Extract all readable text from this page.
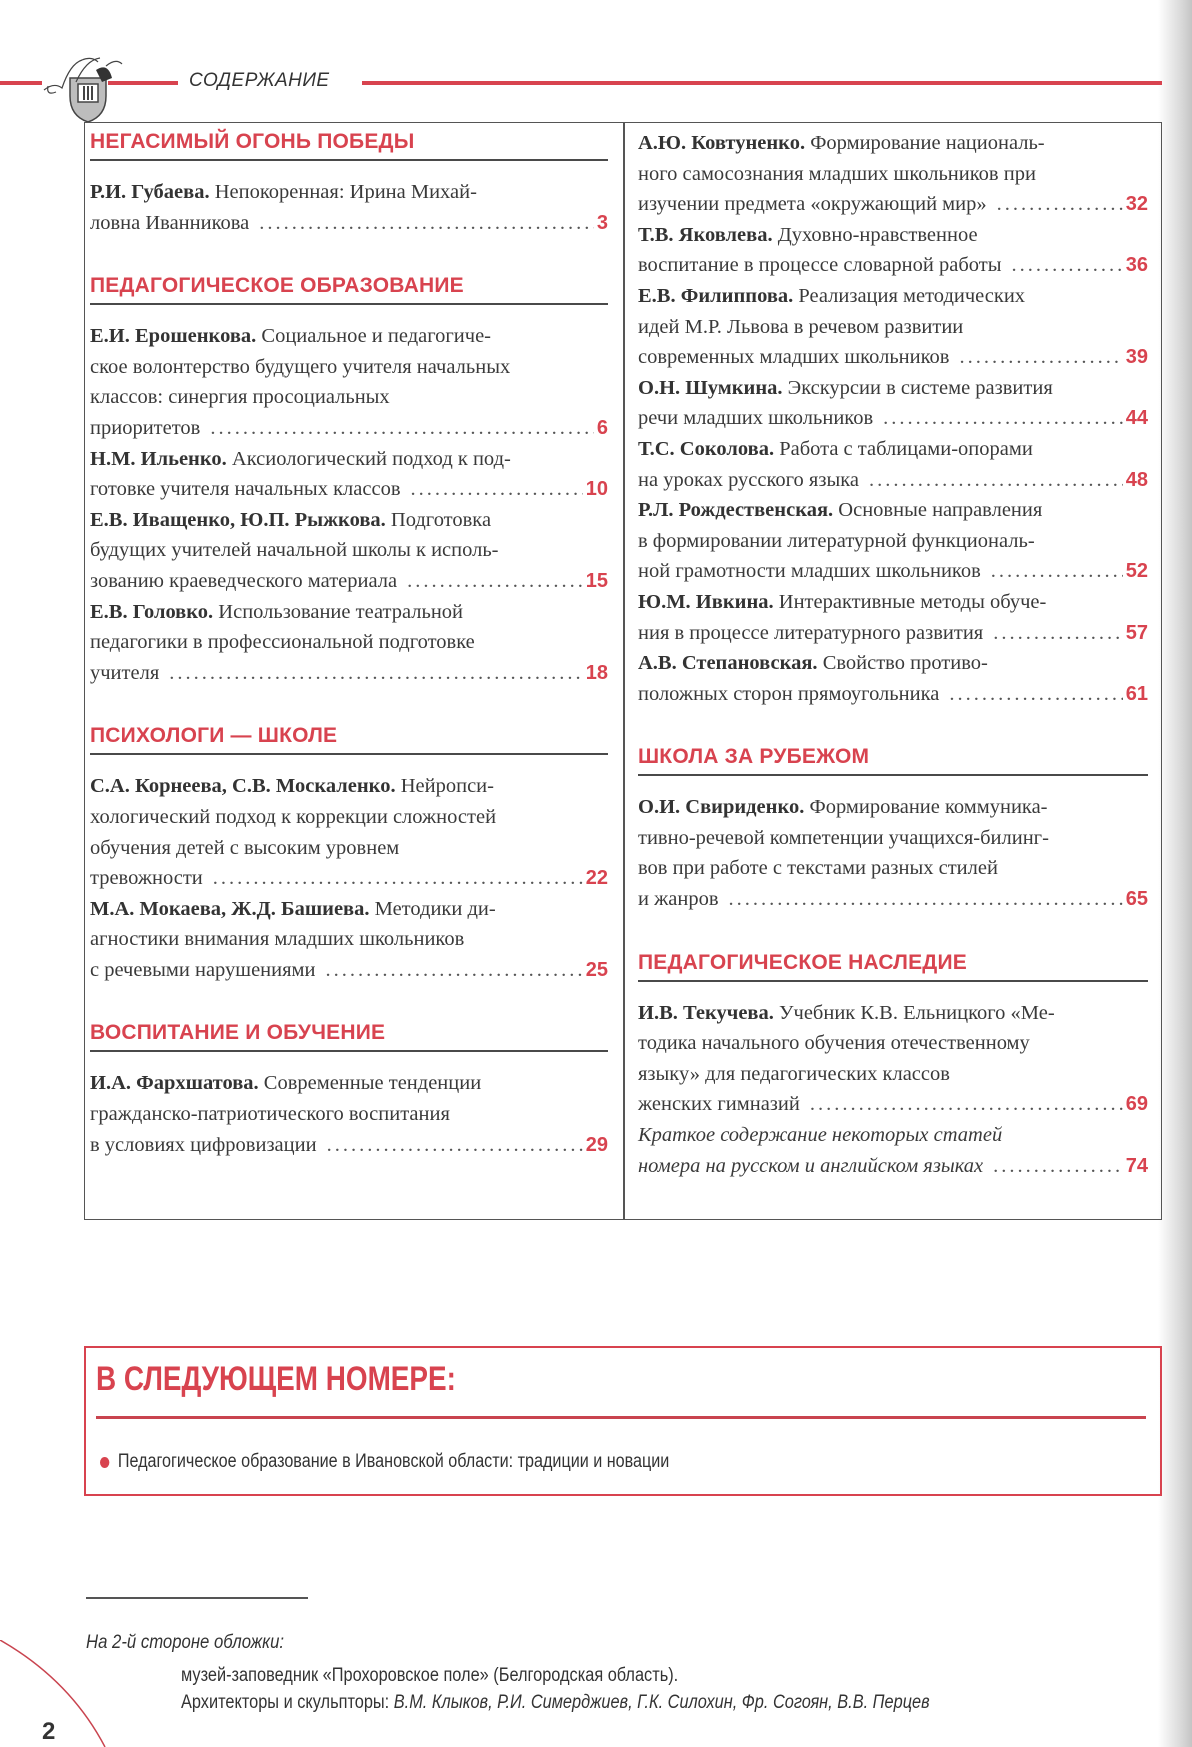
СОДЕРЖАНИЕ
НЕГАСИМЫЙ ОГОНЬ ПОБЕДЫ
Р.И. Губаева.
Непокоренная: Ирина Михай-
ловна Иванникова .....	3
ПЕДАГОГИЧЕСКОЕ ОБРАЗОВАНИЕ
Е.И. Ерошенкова.
Социальное и педагогиче-
ское волонтерство будущего учителя начальных
классов: синергия просоциальных
приоритетов .....	6
Н.М. Ильенко.
Аксиологический подход к под-
готовке учителя начальных классов .....	10
Е.В. Иващенко, Ю.П. Рыжкова.
Подготовка
будущих учителей начальной школы к исполь-
зованию краеведческого материала .....	15
Е.В. Головко.
Использование театральной
педагогики в профессиональной подготовке
учителя .....	18
ПСИХОЛОГИ — ШКОЛЕ
С.А. Корнеева, С.В. Москаленко.
Нейропси-
хологический подход к коррекции сложностей
обучения детей с высоким уровнем
тревожности .....	22
М.А. Мокаева, Ж.Д. Башиева.
Методики ди-
агностики внимания младших школьников
с речевыми нарушениями .....	25
ВОСПИТАНИЕ И ОБУЧЕНИЕ
И.А. Фархшатова.
Современные тенденции
гражданско-патриотического воспитания
в условиях цифровизации .....	29
А.Ю. Ковтуненко.
Формирование националь-
ного самосознания младших школьников при
изучении предмета «окружающий мир» .....	32
Т.В. Яковлева.
Духовно-нравственное
воспитание в процессе словарной работы .....	36
Е.В. Филиппова.
Реализация методических
идей М.Р. Львова в речевом развитии
современных младших школьников .....	39
О.Н. Шумкина.
Экскурсии в системе развития
речи младших школьников .....	44
Т.С. Соколова.
Работа с таблицами-опорами
на уроках русского языка .....	48
Р.Л. Рождественская.
Основные направления
в формировании литературной функциональ-
ной грамотности младших школьников .....	52
Ю.М. Ивкина.
Интерактивные методы обуче-
ния в процессе литературного развития .....	57
А.В. Степановская.
Свойство противо-
положных сторон прямоугольника .....	61
ШКОЛА ЗА РУБЕЖОМ
О.И. Свириденко.
Формирование коммуника-
тивно-речевой компетенции учащихся-билинг-
вов при работе с текстами разных стилей
и жанров .....	65
ПЕДАГОГИЧЕСКОЕ НАСЛЕДИЕ
И.В. Текучева.
Учебник К.В. Ельницкого «Ме-
тодика начального обучения отечественному
языку» для педагогических классов
женских гимназий .....	69
Краткое содержание некоторых статей
номера на русском и английском языках .....	74
В СЛЕДУЮЩЕМ НОМЕРЕ:
Педагогическое образование в Ивановской области: традиции и новации
На 2-й стороне обложки:
музей-заповедник «Прохоровское поле» (Белгородская область).
Архитекторы и скульпторы: В.М. Клыков, Р.И. Симерджиев, Г.К. Силохин, Фр. Согоян, В.В. Перцев
2
